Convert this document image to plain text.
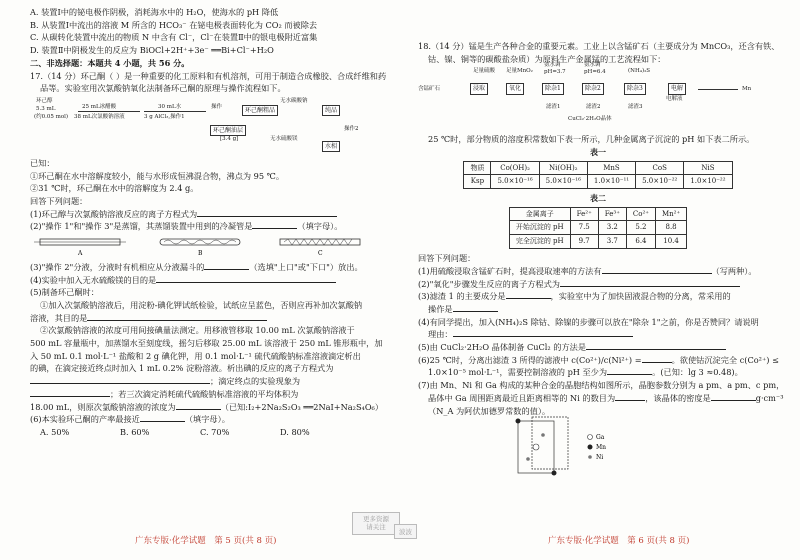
A. 装置Ⅰ中的铋电极作阴极，消耗海水中的 H₂O，使海水的 pH 降低
B. 从装置Ⅰ中流出的溶液 M 所含的 HCO₃⁻ 在铋电极表面转化为 CO₂ 而被除去
C. 从碳转化装置中流出的物质 N 中含有 Cl⁻，Cl⁻在装置Ⅱ中的银电极附近富集
D. 装置Ⅱ中阴极发生的反应为 BiOCl+2H⁺+3e⁻ ══Bi+Cl⁻+H₂O
二、非选择题：本题共 4 小题，共 56 分。
17.（14 分）环己酮（ ）是一种重要的化工原料和有机溶剂，可用于制造合成橡胶、合成纤维和药
品等。实验室用次氯酸钠氧化法制备环己酮的原理与操作流程如下。
环己醇
5.3 mL
(约0.05 mol)
25 mL冰醋酸
38 mL次氯酸钠溶液
30 mL水
3 g AlCl₃,操作1
操作	环己酮粗品
无水碳酸钠
纯品
环己酮油层
[3.4 g]	无水硫酸镁
操作2
水相
已知：
①环己酮在水中溶解度较小，能与水形成恒沸混合物，沸点为 95 ℃。
②31 ℃时，环己酮在水中的溶解度为 2.4 g。
回答下列问题：
(1)环己醇与次氯酸钠溶液反应的离子方程式为
(2)"操作 1"和"操作 3"是蒸馏，其蒸馏装置中用到的冷凝管是	（填字母）。
A	B	C
(3)"操作 2"分液，分液时有机相应从分液漏斗的	（选填"上口"或"下口"）放出。
(4)实验中加入无水硫酸镁的目的是
(5)制备环己酮时：
①加入次氯酸钠溶液后，用淀粉-碘化钾试纸检验，试纸应呈蓝色，否则应再补加次氯酸钠
溶液，其目的是
②次氯酸钠溶液的浓度可用间接碘量法测定。用移液管移取 10.00 mL 次氯酸钠溶液于
500 mL 容量瓶中，加蒸馏水至刻度线，摇匀后移取 25.00 mL 该溶液于 250 mL 锥形瓶中，加
入 50 mL 0.1 mol·L⁻¹ 盐酸和 2 g 碘化钾，用 0.1 mol·L⁻¹ 硫代硫酸钠标准溶液滴定析出
的碘，在滴定接近终点时加入 1 mL 0.2% 淀粉溶液。析出碘的反应的离子方程式为
；滴定终点的实验现象为
；若三次滴定消耗硫代硫酸钠标准溶液的平均体积为
18.00 mL，则原次氯酸钠溶液的浓度为	（已知:I₂+2Na₂S₂O₃ ══2NaI+Na₂S₄O₆）
(6)本实验环己酮的产率最接近	（填字母）。
A. 50%	B. 60%	C. 70%	D. 80%
广东专版·化学试题　第 5 页(共 8 页)
18.（14 分）锰是生产各种合金的重要元素。工业上以含锰矿石（主要成分为 MnCO₃，还含有铁、
钴、镍、铜等的碳酸盐杂质）为原料生产金属锰的工艺流程如下：
足量硫酸 足量MnO₂
氨水调
pH=3.7
氨水调
pH=6.4	(NH₄)₂S
含锰矿石	浸取	氧化	除杂1	除杂2	除杂3	电解
电解液
Mn
滤渣1	滤渣2	滤渣3
CuCl₂·2H₂O晶体
25 ℃时，部分物质的溶度积常数如下表一所示，几种金属离子沉淀的 pH 如下表二所示。
表一
物质	Co(OH)₂	Ni(OH)₂	MnS	CoS	NiS
Ksp	5.0×10⁻¹⁶	5.0×10⁻¹⁶	1.0×10⁻¹¹	5.0×10⁻²²	1.0×10⁻²²
表二
金属离子	Fe²⁺	Fe³⁺	Co²⁺	Mn²⁺
开始沉淀的 pH	7.5	3.2	5.2	8.8
完全沉淀的 pH	9.7	3.7	6.4	10.4
回答下列问题：
(1)用硫酸浸取含锰矿石时，提高浸取速率的方法有	（写两种）。
(2)"氧化"步骤发生反应的离子方程式为
(3)滤渣 1 的主要成分是	，实验室中为了加快固液混合物的分离，常采用的
操作是
(4)有同学提出，加入(NH₄)₂S 除钴、除镍的步骤可以放在"除杂 1"之前，你是否赞同？请说明
理由：
(5)由 CuCl₂·2H₂O 晶体制备 CuCl₂ 的方法是
(6)25 ℃时，分离出滤渣 3 所得的滤液中 c(Co²⁺)/c(Ni²⁺) =	。欲使钴沉淀完全 c(Co²⁺) ≤
1.0×10⁻⁵ mol·L⁻¹，需要控制溶液的 pH 至少为	。(已知：lg 3 ≈0.48)。
(7)由 Mn、Ni 和 Ga 构成的某种合金的晶胞结构如图所示，晶胞参数分别为 a pm、a pm、c pm，
晶体中 Ga 周围距离最近且距离相等的 Ni 的数目为	，该晶体的密度是	g·cm⁻³
（N_A 为阿伏加德罗常数的值）。
Ga
Mn
Ni
广东专版·化学试题　第 6 页(共 8 页)
更多资源
请关注
波波
